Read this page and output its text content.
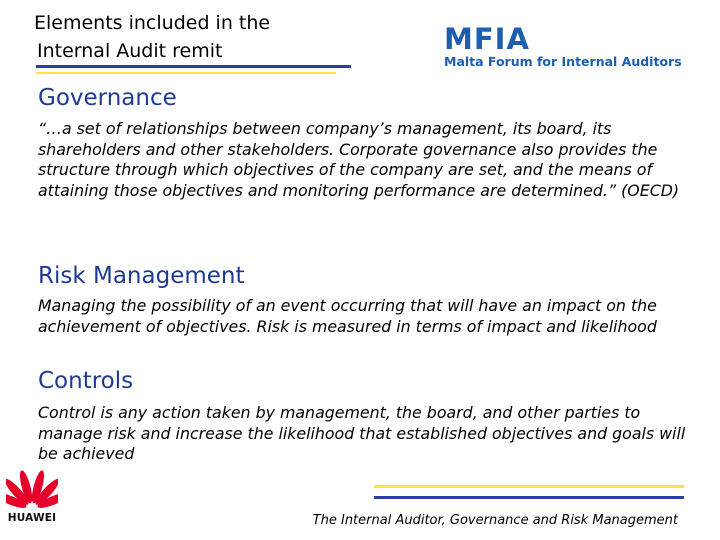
Elements included in the
Internal Audit remit	MFIA
Malta Forum for Internal Auditors
Governance
“…a set of relationships between company’s management, its board, its shareholders and other stakeholders. Corporate governance also provides the structure through which objectives of the company are set, and the means of attaining those objectives and monitoring performance are determined.” (OECD)
Risk Management
Managing the possibility of an event occurring that will have an impact on the achievement of objectives. Risk is measured in terms of impact and likelihood
Controls
Control is any action taken by management, the board, and other parties to manage risk and increase the likelihood that established objectives and goals will be achieved
The Internal Auditor, Governance and Risk Management
HUAWEI
